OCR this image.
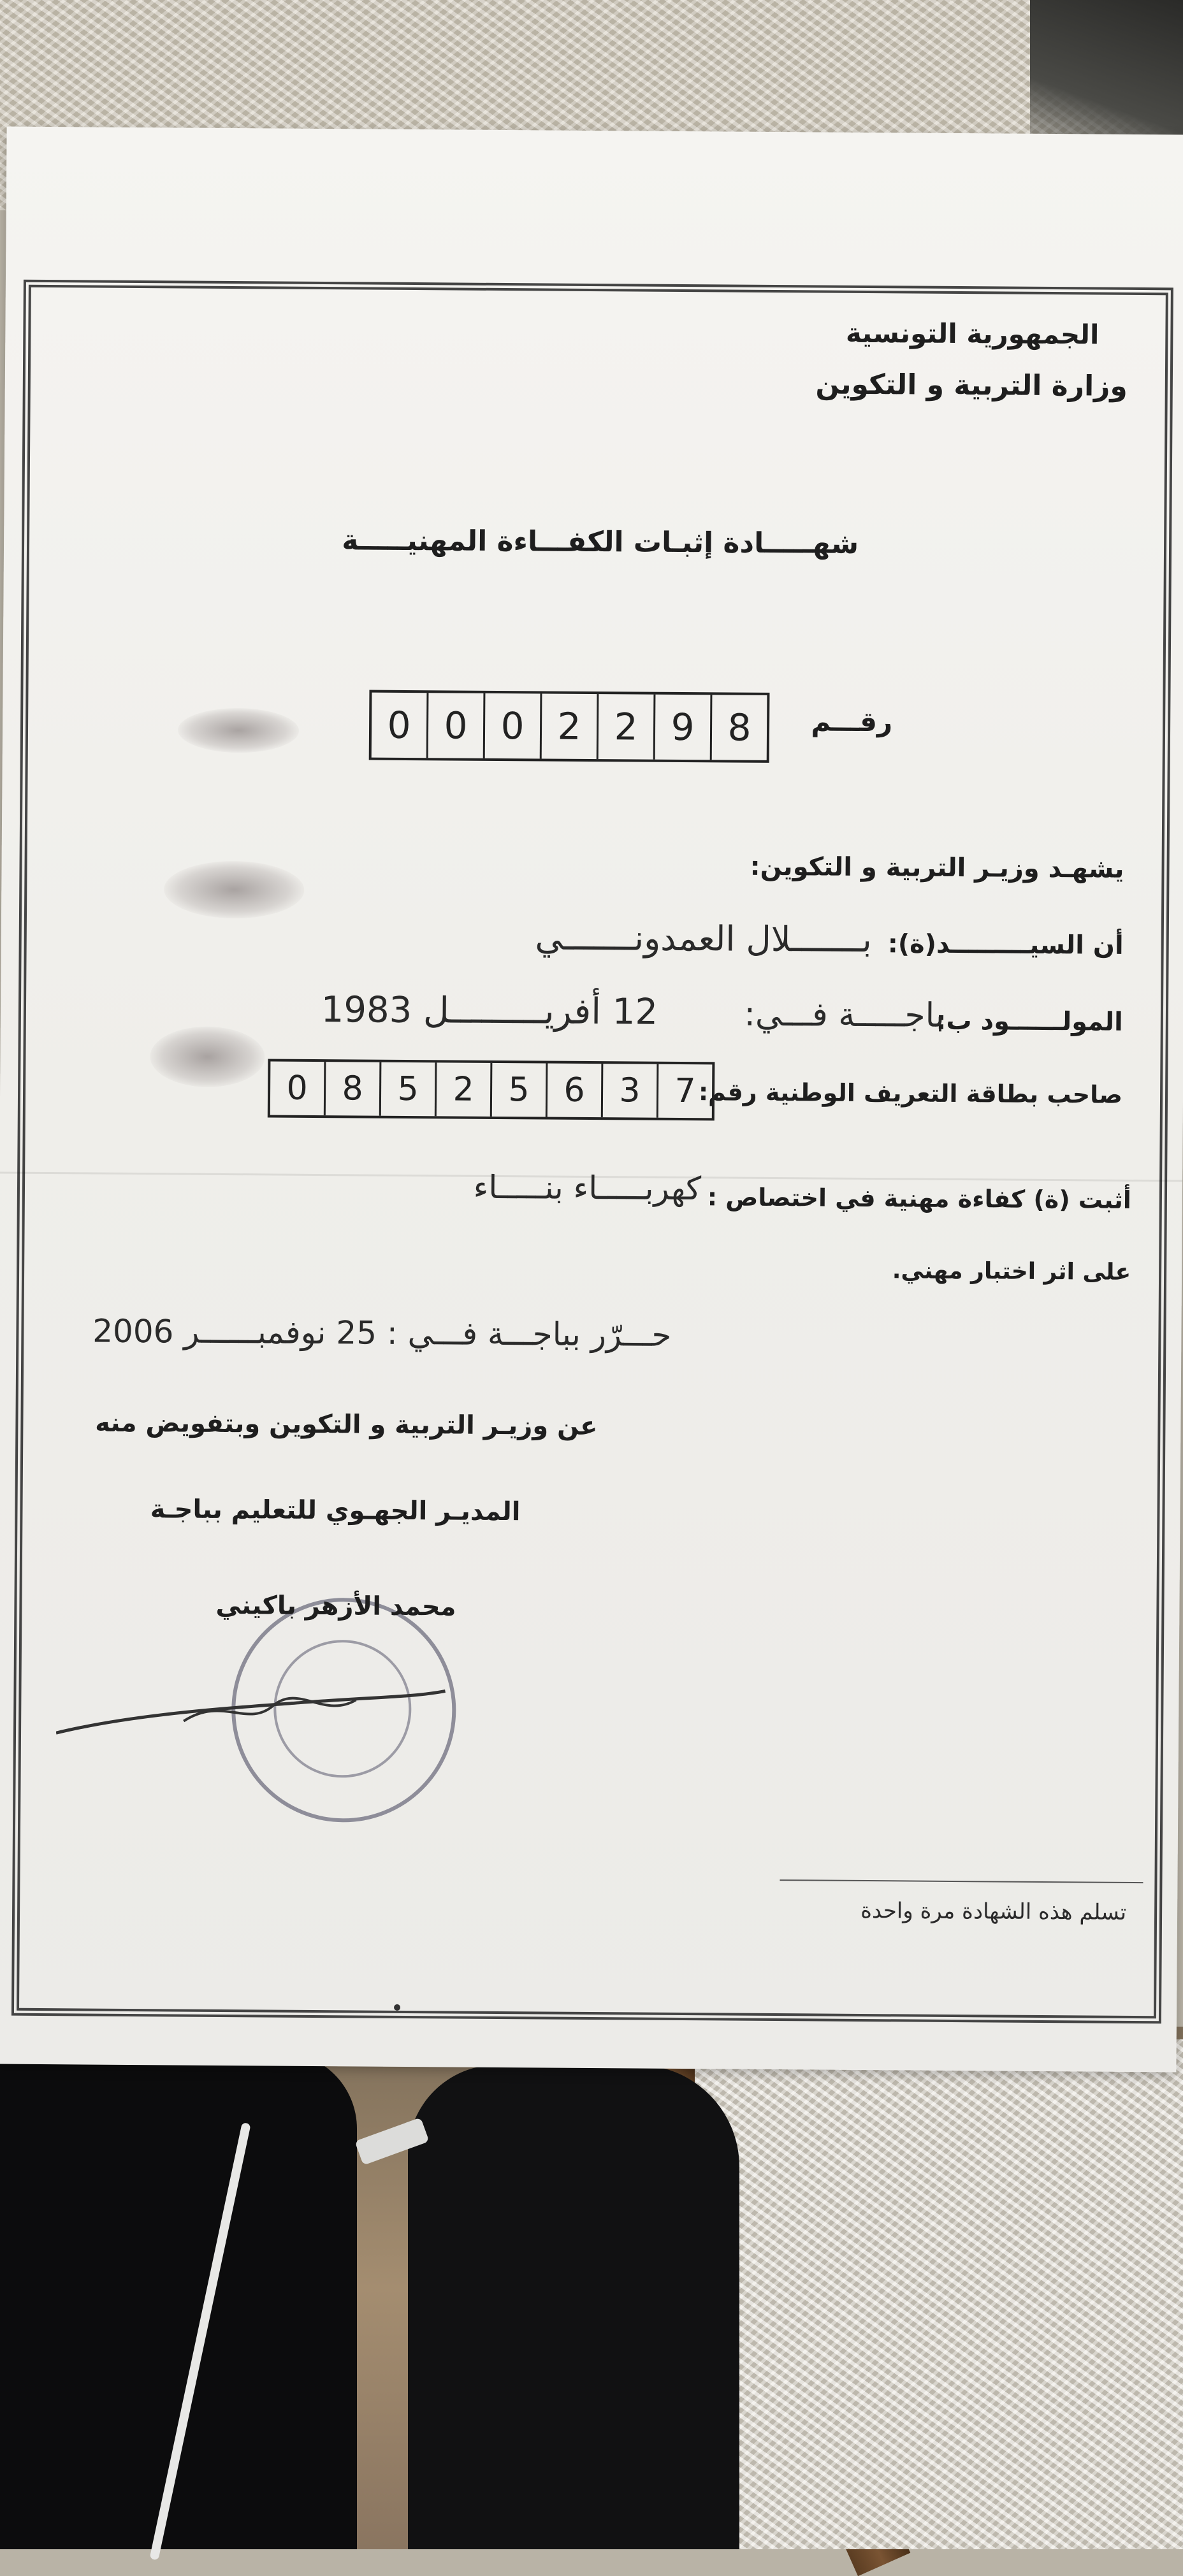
الجمهورية التونسية
وزارة التربية و التكوين
شهـــــادة إثبـات الكفـــاءة المهنيـــــة
رقـــم
0 0 0 2 2 9 8
يشهـد وزيـر التربية و التكوين:
أن السيـــــــــد(ة):
بـــــــلال العمدونـــــــي
المولــــــود ب:
باجـــــة فـــي:
12 أفريـــــــــل 1983
صاحب بطاقة التعريف الوطنية رقم:
0	8	5	2	5	6	3	7
أثبت (ة) كفاءة مهنية في اختصاص :
كهربـــــاء بنـــــاء
على اثر اختبار مهني.
حـــرّر بباجـــة فـــي : 25 نوفمبــــــر 2006
عن وزيـر التربية و التكوين وبتفويض منه
المديـر الجهـوي للتعليم بباجـة
محمد الأزهر باكيني
تسلم هذه الشهادة مرة واحدة
